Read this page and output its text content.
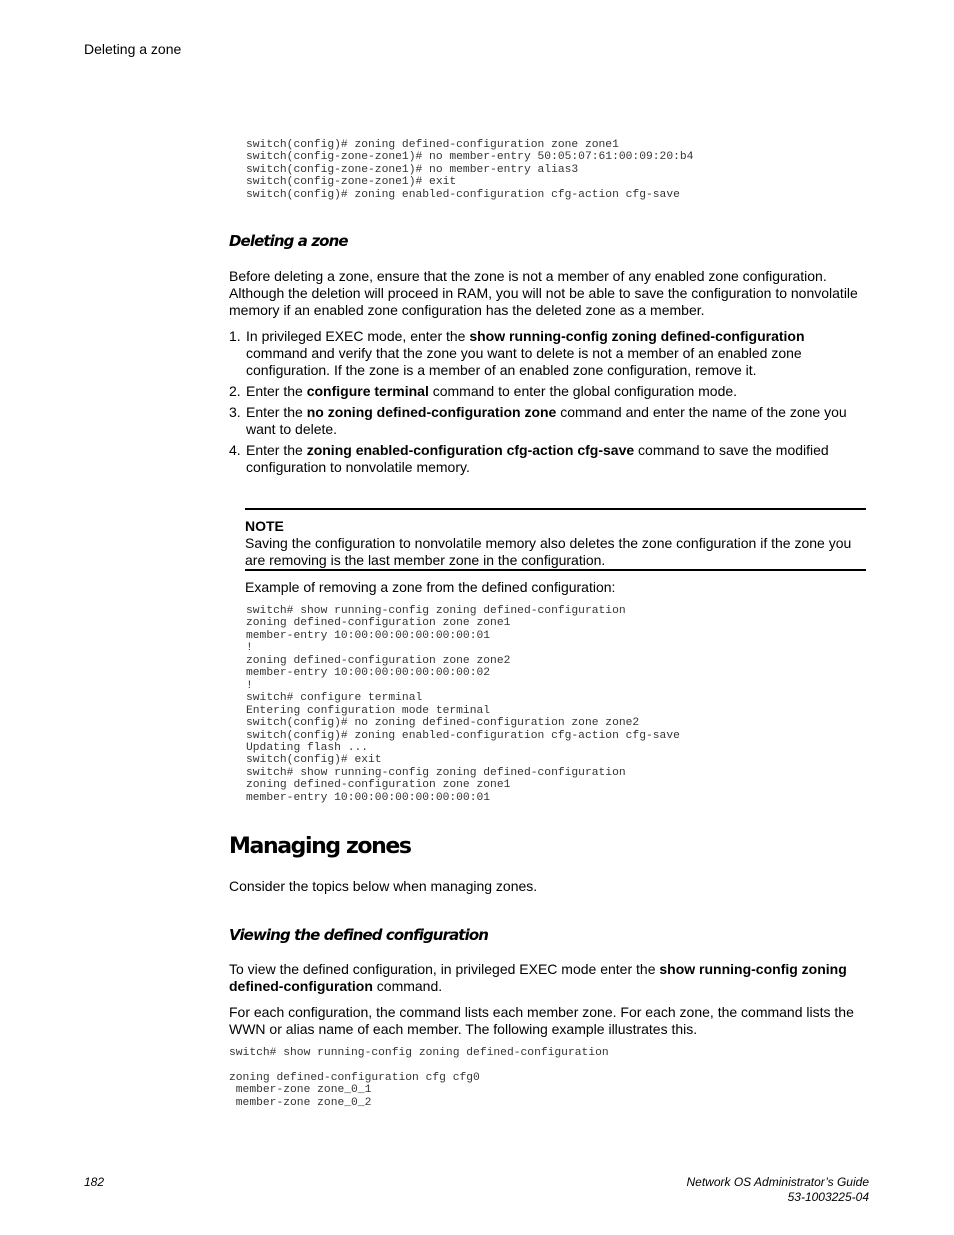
Deleting a zone
switch(config)# zoning defined-configuration zone zone1
switch(config-zone-zone1)# no member-entry 50:05:07:61:00:09:20:b4
switch(config-zone-zone1)# no member-entry alias3
switch(config-zone-zone1)# exit
switch(config)# zoning enabled-configuration cfg-action cfg-save
Deleting a zone
Before deleting a zone, ensure that the zone is not a member of any enabled zone configuration. Although the deletion will proceed in RAM, you will not be able to save the configuration to nonvolatile memory if an enabled zone configuration has the deleted zone as a member.
1. In privileged EXEC mode, enter the show running-config zoning defined-configuration command and verify that the zone you want to delete is not a member of an enabled zone configuration. If the zone is a member of an enabled zone configuration, remove it.
2. Enter the configure terminal command to enter the global configuration mode.
3. Enter the no zoning defined-configuration zone command and enter the name of the zone you want to delete.
4. Enter the zoning enabled-configuration cfg-action cfg-save command to save the modified configuration to nonvolatile memory.
NOTE
Saving the configuration to nonvolatile memory also deletes the zone configuration if the zone you are removing is the last member zone in the configuration.
Example of removing a zone from the defined configuration:
switch# show running-config zoning defined-configuration
zoning defined-configuration zone zone1
member-entry 10:00:00:00:00:00:00:01
!
zoning defined-configuration zone zone2
member-entry 10:00:00:00:00:00:00:02
!
switch# configure terminal
Entering configuration mode terminal
switch(config)# no zoning defined-configuration zone zone2
switch(config)# zoning enabled-configuration cfg-action cfg-save
Updating flash ...
switch(config)# exit
switch# show running-config zoning defined-configuration
zoning defined-configuration zone zone1
member-entry 10:00:00:00:00:00:00:01
Managing zones
Consider the topics below when managing zones.
Viewing the defined configuration
To view the defined configuration, in privileged EXEC mode enter the show running-config zoning defined-configuration command.
For each configuration, the command lists each member zone. For each zone, the command lists the WWN or alias name of each member. The following example illustrates this.
switch# show running-config zoning defined-configuration

zoning defined-configuration cfg cfg0
member-zone zone_0_1
member-zone zone_0_2
182	Network OS Administrator’s Guide
53-1003225-04
